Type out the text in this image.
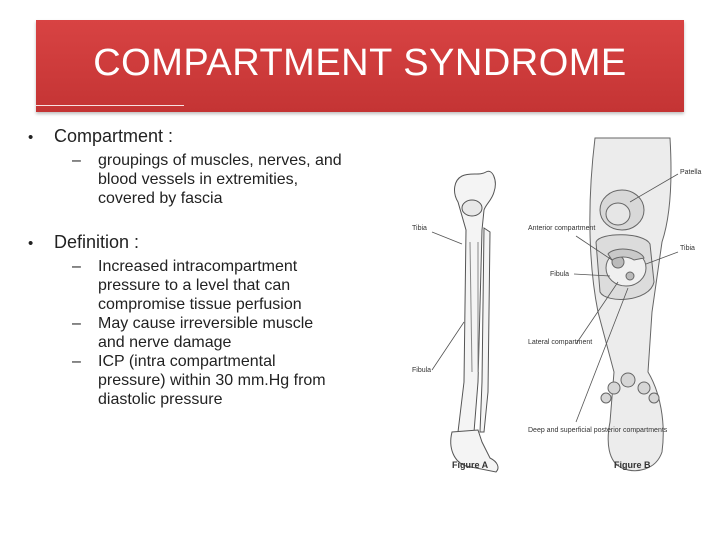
COMPARTMENT SYNDROME
•	Compartment :
–	groupings of muscles, nerves, and blood vessels in extremities, covered by fascia
•	Definition :
–	Increased intracompartment pressure to a level that can compromise tissue perfusion
–	May cause irreversible muscle and nerve damage
–	ICP (intra compartmental pressure) within 30 mm.Hg from diastolic pressure
Tibia
Fibula
Patella
Anterior compartment
Tibia
Fibula
Lateral compartment
Deep and superficial posterior compartments
Figure A	Figure B
